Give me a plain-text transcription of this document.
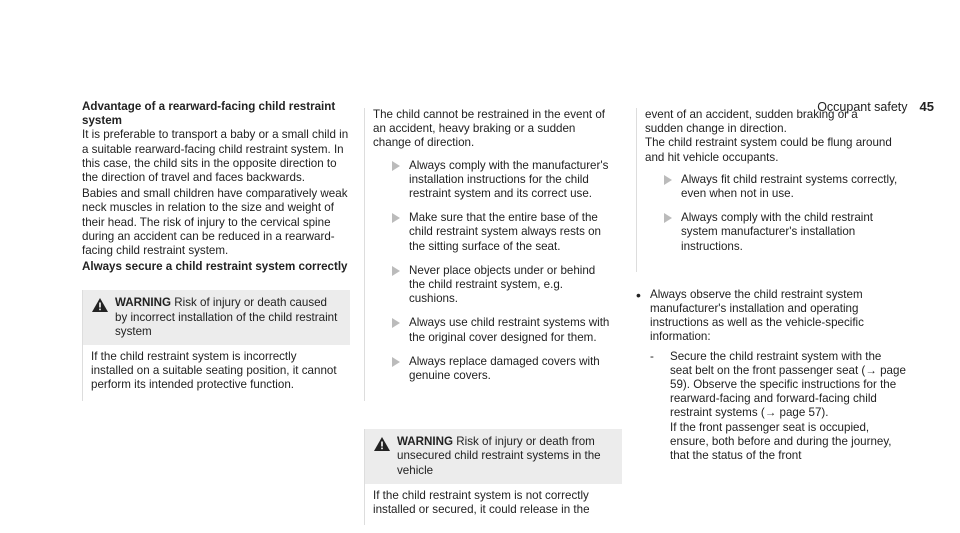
Occupant safety 45

Advantage of a rearward-facing child restraint system

It is preferable to transport a baby or a small child in a suitable rearward-facing child restraint system. In this case, the child sits in the opposite direction to the direction of travel and faces backwards.

Babies and small children have comparatively weak neck muscles in relation to the size and weight of their head. The risk of injury to the cervical spine during an accident can be reduced in a rearward-facing child restraint system.

Always secure a child restraint system correctly

WARNING Risk of injury or death caused by incorrect installation of the child restraint system

If the child restraint system is incorrectly installed on a suitable seating position, it cannot perform its intended protective function.

The child cannot be restrained in the event of an accident, heavy braking or a sudden change of direction.

Always comply with the manufacturer's installation instructions for the child restraint system and its correct use.
Make sure that the entire base of the child restraint system always rests on the sitting surface of the seat.
Never place objects under or behind the child restraint system, e.g. cushions.
Always use child restraint systems with the original cover designed for them.
Always replace damaged covers with genuine covers.
WARNING Risk of injury or death from unsecured child restraint systems in the vehicle

If the child restraint system is not correctly installed or secured, it could release in the

event of an accident, sudden braking or a sudden change in direction.

The child restraint system could be flung around and hit vehicle occupants.

Always fit child restraint systems correctly, even when not in use.
Always comply with the child restraint system manufacturer's installation instructions.
• Always observe the child restraint system manufacturer's installation and operating instructions as well as the vehicle-specific information:

-	Secure the child restraint system with the seat belt on the front passenger seat (→ page 59). Observe the specific instructions for the rearward-facing and forward-facing child restraint systems (→ page 57).

If the front passenger seat is occupied, ensure, both before and during the journey, that the status of the front
